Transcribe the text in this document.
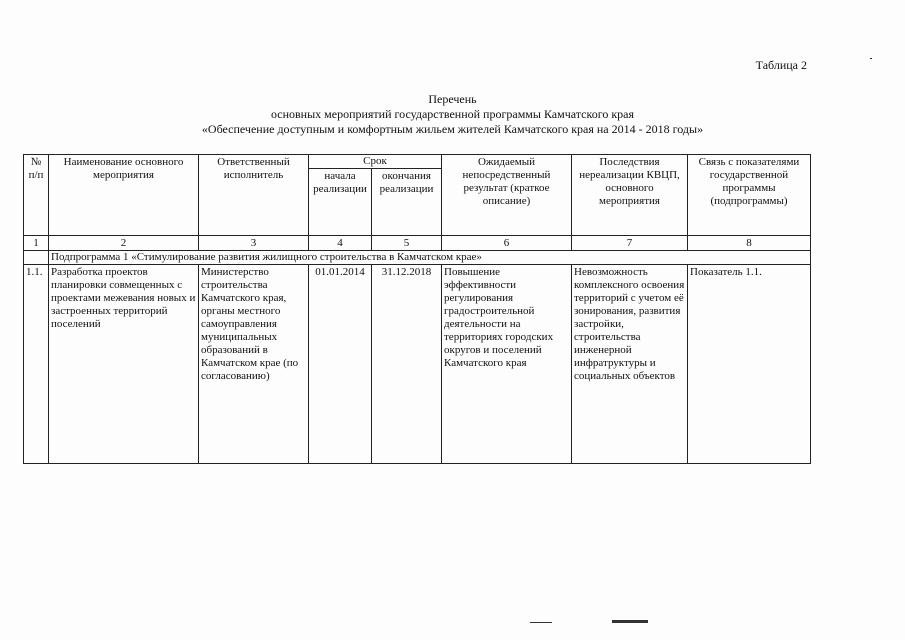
Таблица 2
Перечень
основных мероприятий государственной программы Камчатского края
«Обеспечение доступным и комфортным жильем жителей Камчатского края на 2014 - 2018 годы»
№ п/п	Наименование основного мероприятия	Ответственный исполнитель	Срок		Ожидаемый непосредственный результат (краткое описание)	Последствия нереализации КВЦП, основного мероприятия	Связь с показателями государственной программы (подпрограммы)
			начала реализации	окончания реализации			
1	2	3	4	5	6	7	8
	Подпрограмма 1 «Стимулирование развития жилищного строительства в Камчатском крае»						
1.1.	Разработка проектов планировки совмещенных с проектами межевания новых и застроенных территорий поселений	Министерство строительства Камчатского края, органы местного самоуправления муниципальных образований в Камчатском крае (по согласованию)	01.01.2014	31.12.2018	Повышение эффективности регулирования градостроительной деятельности на территориях городских округов и поселений Камчатского края	Невозможность комплексного освоения территорий с учетом её зонирования, развития застройки, строительства инженерной инфратруктуры и социальных объектов	Показатель 1.1.
